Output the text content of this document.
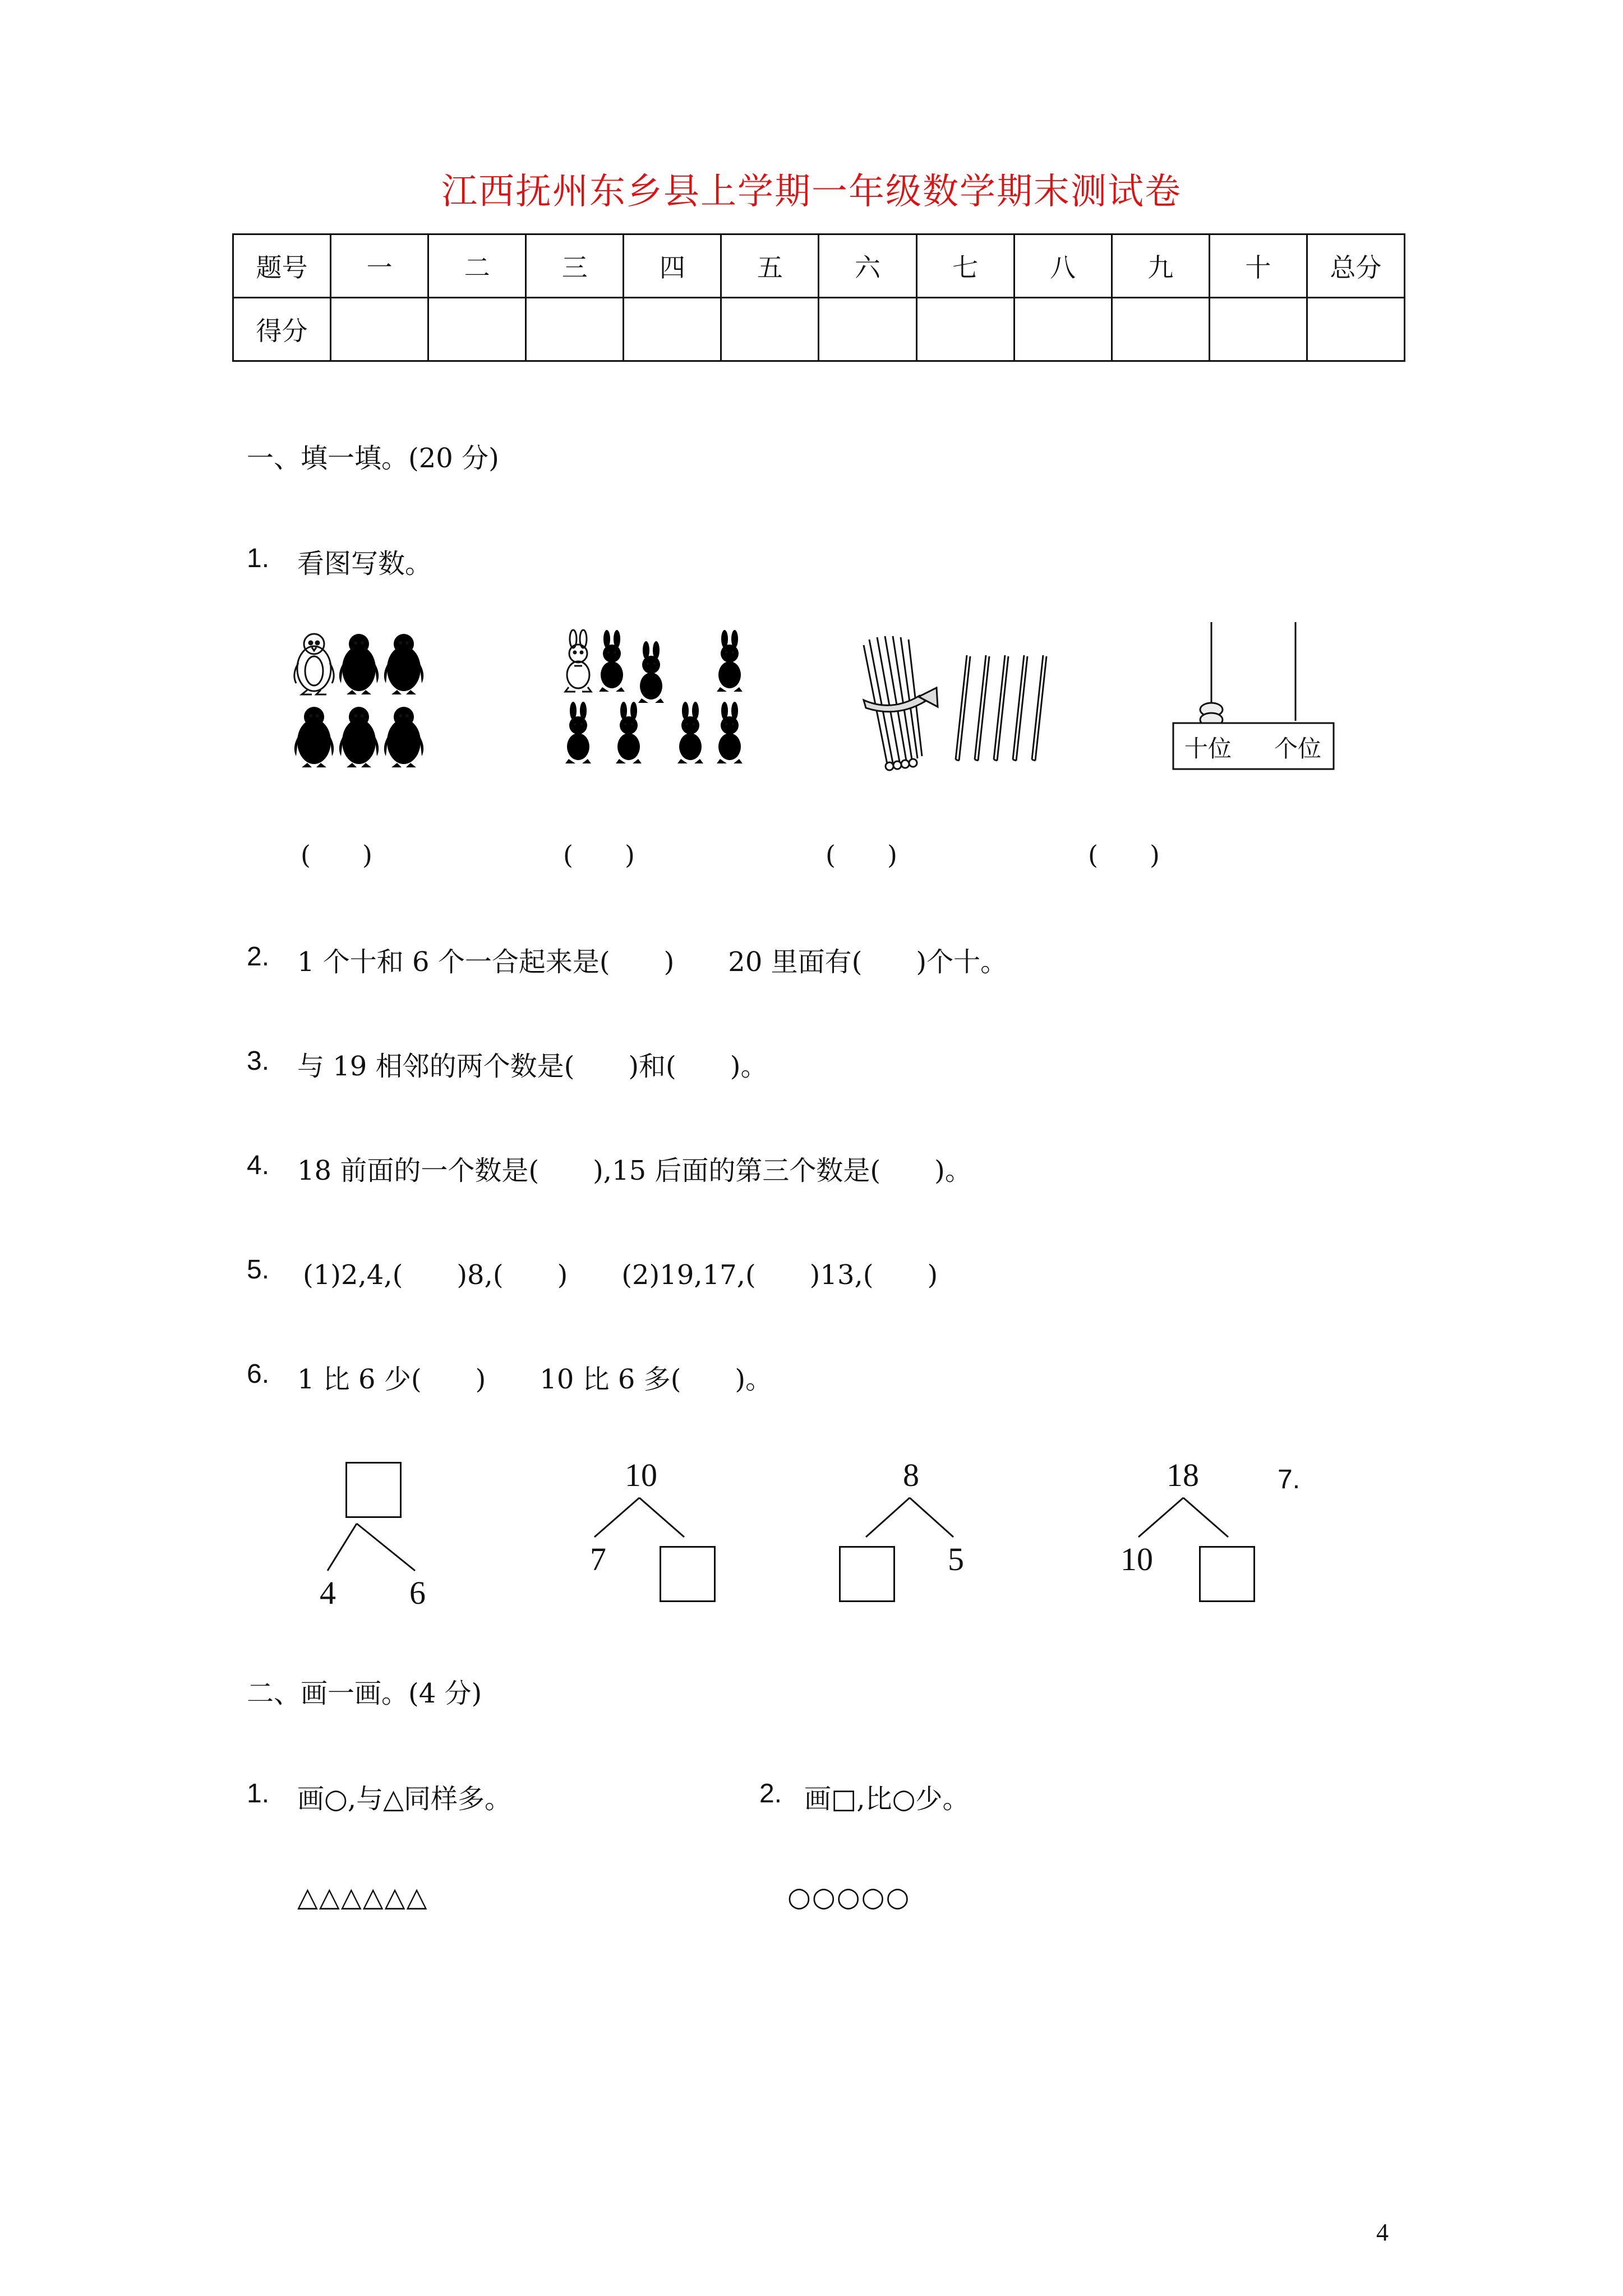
江西抚州东乡县上学期一年级数学期末测试卷
题号	一	二	三	四	五	六	七	八	九	十	总分
得分											
一、填一填。(20 分)
1. 看图写数。
十位 个位
(　　)	(　　)	(　　)	(　　)
2. 1 个十和 6 个一合起来是(　　)　　20 里面有(　　)个十。
3. 与 19 相邻的两个数是(　　)和(　　)。
4. 18 前面的一个数是(　　),15 后面的第三个数是(　　)。
5. (1)2,4,(　　)8,(　　)　　(2)19,17,(　　)13,(　　)
6. 1 比 6 少(　　)　　10 比 6 多(　　)。
7.
4 6
10
7
8
5
18
10
二、画一画。(4 分)
1. 画○,与△同样多。	2. 画□,比○少。
△△△△△△	○○○○○
4
